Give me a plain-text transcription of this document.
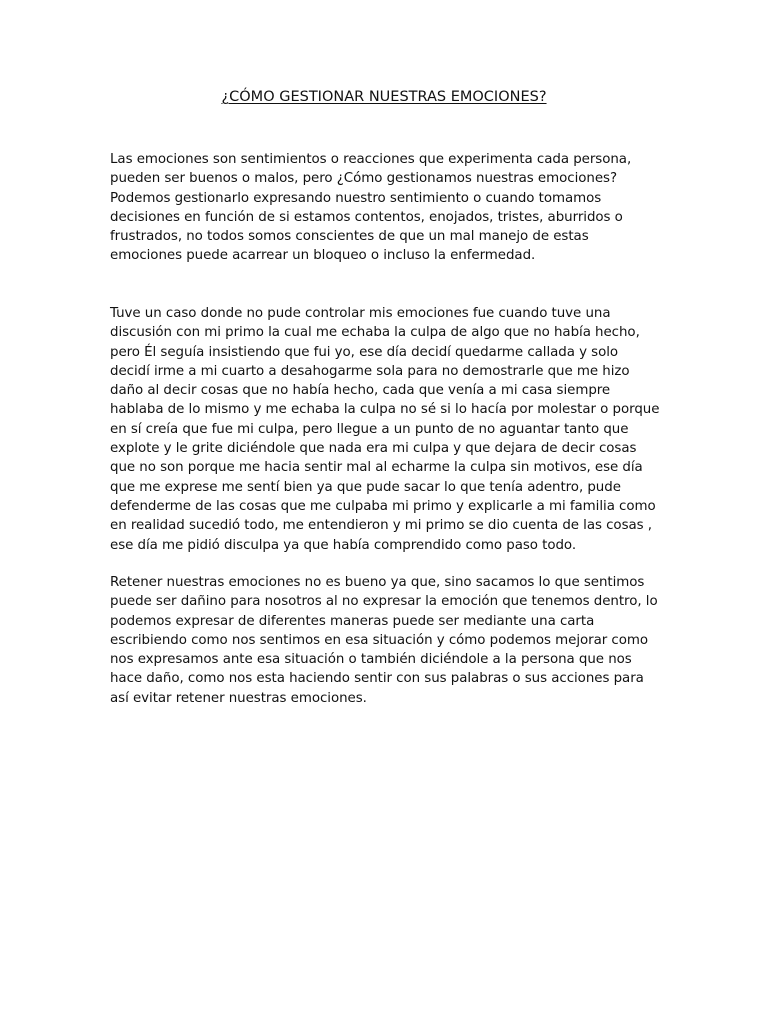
¿CÓMO GESTIONAR NUESTRAS EMOCIONES?

Las emociones son sentimientos o reacciones que experimenta cada persona, pueden ser buenos o malos, pero ¿Cómo gestionamos nuestras emociones? Podemos gestionarlo expresando nuestro sentimiento o cuando tomamos decisiones en función de si estamos contentos, enojados, tristes, aburridos o frustrados, no todos somos conscientes de que un mal manejo de estas emociones puede acarrear un bloqueo o incluso la enfermedad.

Tuve un caso donde no pude controlar mis emociones fue cuando tuve una discusión con mi primo la cual me echaba la culpa de algo que no había hecho, pero Él seguía insistiendo que fui yo, ese día decidí quedarme callada y solo decidí irme a mi cuarto a desahogarme sola para no demostrarle que me hizo daño al decir cosas que no había hecho, cada que venía a mi casa siempre hablaba de lo mismo y me echaba la culpa no sé si lo hacía por molestar o porque en sí creía que fue mi culpa, pero llegue a un punto de no aguantar tanto que explote y le grite diciéndole que nada era mi culpa y que dejara de decir cosas que no son porque me hacia sentir mal al echarme la culpa sin motivos, ese día que me exprese me sentí bien ya que pude sacar lo que tenía adentro, pude defenderme de las cosas que me culpaba mi primo y explicarle a mi familia como en realidad sucedió todo, me entendieron y mi primo se dio cuenta de las cosas , ese día me pidió disculpa ya que había comprendido como paso todo.

Retener nuestras emociones no es bueno ya que, sino sacamos lo que sentimos puede ser dañino para nosotros al no expresar la emoción que tenemos dentro, lo podemos expresar de diferentes maneras puede ser mediante una carta escribiendo como nos sentimos en esa situación y cómo podemos mejorar como nos expresamos ante esa situación o también diciéndole a la persona que nos hace daño, como nos esta haciendo sentir con sus palabras o sus acciones para así evitar retener nuestras emociones.
